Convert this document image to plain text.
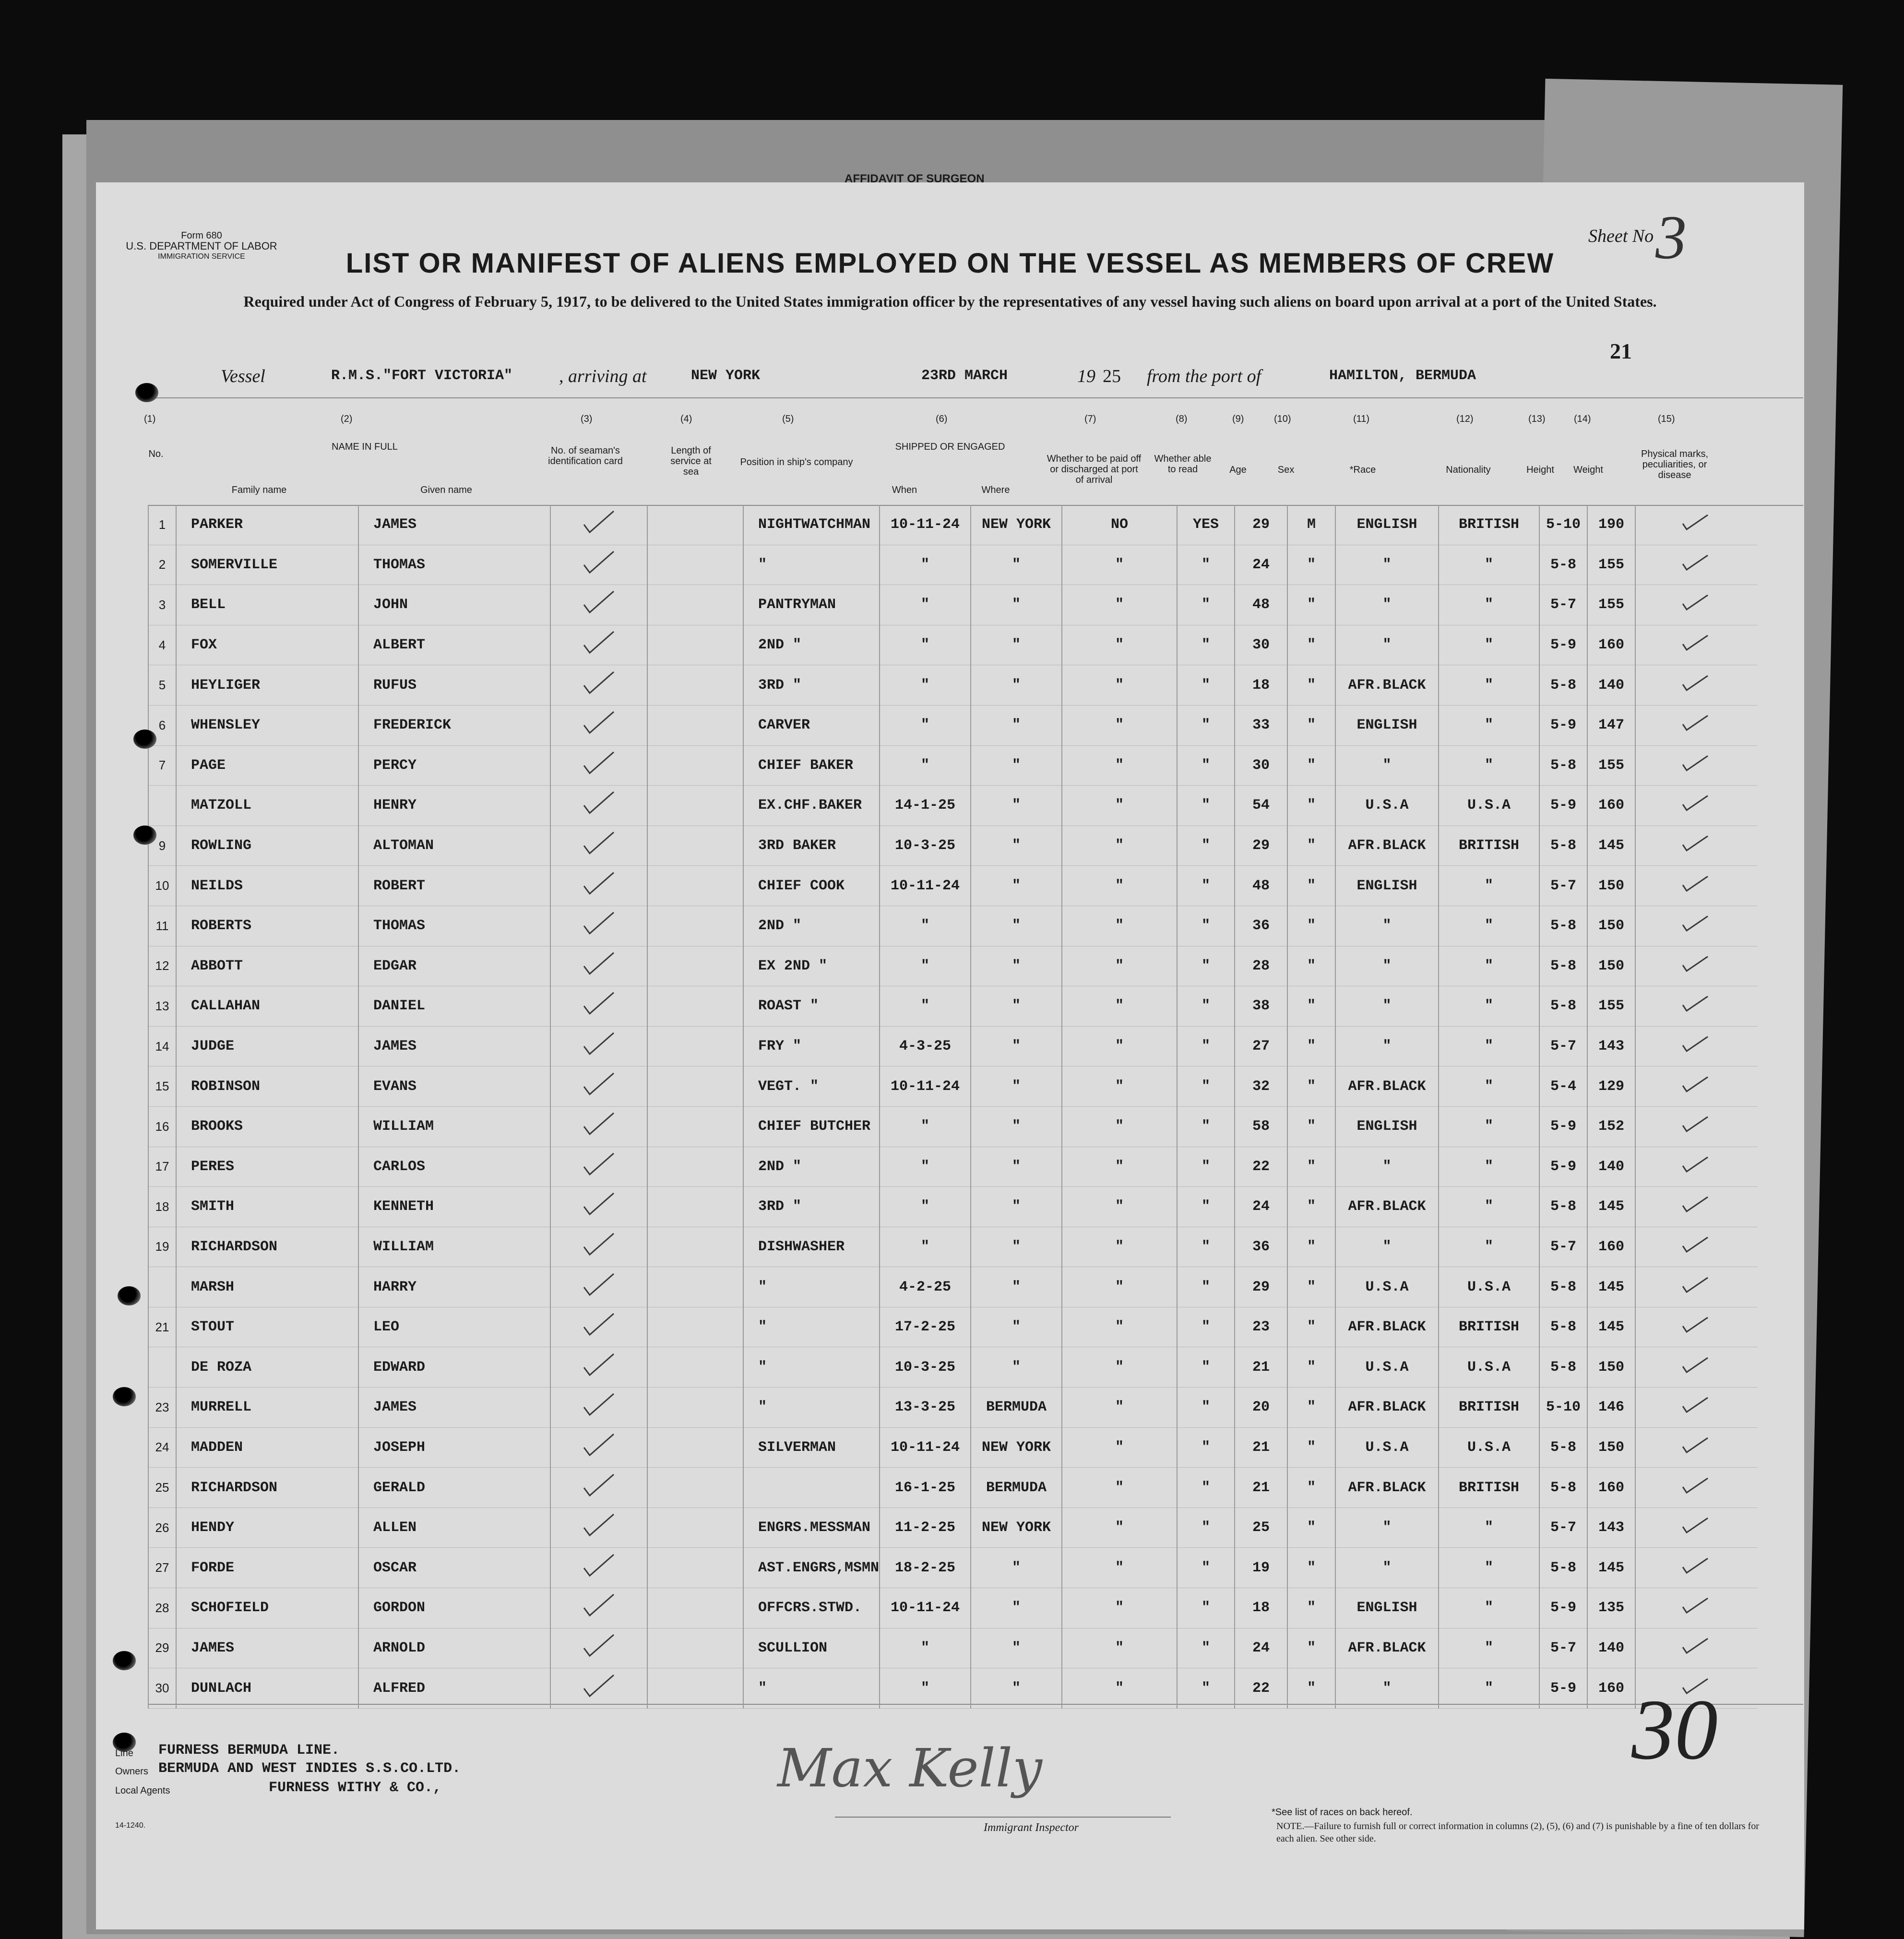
AFFIDAVIT OF SURGEON
Form 680
U.S. DEPARTMENT OF LABOR
IMMIGRATION SERVICE
Sheet No 3
LIST OR MANIFEST OF ALIENS EMPLOYED ON THE VESSEL AS MEMBERS OF CREW
Required under Act of Congress of February 5, 1917, to be delivered to the United States immigration officer by the representatives of any vessel having such aliens on board upon arrival at a port of the United States.
21
Vessel	R.M.S."FORT VICTORIA"	, arriving at	NEW YORK	23RD MARCH	19 25 from the port of	HAMILTON, BERMUDA
(1)
No.
(2)
NAME IN FULL
Family name	Given name
(3)
No. of seaman's identification card
(4)
Length of service at sea
(5)
Position in ship's company
(6)
SHIPPED OR ENGAGED
When	Where
(7)
Whether to be paid off or discharged at port of arrival
(8)
Whether able to read
(9)
Age
(10)
Sex
(11)
*Race
(12)
Nationality
(13)
Height
(14)
Weight
(15)
Physical marks, peculiarities, or disease
1	PARKER	JAMES			NIGHTWATCHMAN	10-11-24	NEW YORK	NO	YES	29	M	ENGLISH	BRITISH	5-10	190	
2	SOMERVILLE	THOMAS			"	"	"	"	"	24	"	"	"	5-8	155	
3	BELL	JOHN			PANTRYMAN	"	"	"	"	48	"	"	"	5-7	155	
4	FOX	ALBERT			2ND "	"	"	"	"	30	"	"	"	5-9	160	
5	HEYLIGER	RUFUS			3RD "	"	"	"	"	18	"	AFR.BLACK	"	5-8	140	
6	WHENSLEY	FREDERICK			CARVER	"	"	"	"	33	"	ENGLISH	"	5-9	147	
7	PAGE	PERCY			CHIEF BAKER	"	"	"	"	30	"	"	"	5-8	155	
	MATZOLL	HENRY			EX.CHF.BAKER	14-1-25	"	"	"	54	"	U.S.A	U.S.A	5-9	160	
9	ROWLING	ALTOMAN			3RD BAKER	10-3-25	"	"	"	29	"	AFR.BLACK	BRITISH	5-8	145	
10	NEILDS	ROBERT			CHIEF COOK	10-11-24	"	"	"	48	"	ENGLISH	"	5-7	150	
11	ROBERTS	THOMAS			2ND "	"	"	"	"	36	"	"	"	5-8	150	
12	ABBOTT	EDGAR			EX 2ND "	"	"	"	"	28	"	"	"	5-8	150	
13	CALLAHAN	DANIEL			ROAST "	"	"	"	"	38	"	"	"	5-8	155	
14	JUDGE	JAMES			FRY "	4-3-25	"	"	"	27	"	"	"	5-7	143	
15	ROBINSON	EVANS			VEGT. "	10-11-24	"	"	"	32	"	AFR.BLACK	"	5-4	129	
16	BROOKS	WILLIAM			CHIEF BUTCHER	"	"	"	"	58	"	ENGLISH	"	5-9	152	
17	PERES	CARLOS			2ND "	"	"	"	"	22	"	"	"	5-9	140	
18	SMITH	KENNETH			3RD "	"	"	"	"	24	"	AFR.BLACK	"	5-8	145	
19	RICHARDSON	WILLIAM			DISHWASHER	"	"	"	"	36	"	"	"	5-7	160	
	MARSH	HARRY			"	4-2-25	"	"	"	29	"	U.S.A	U.S.A	5-8	145	
21	STOUT	LEO			"	17-2-25	"	"	"	23	"	AFR.BLACK	BRITISH	5-8	145	
	DE ROZA	EDWARD			"	10-3-25	"	"	"	21	"	U.S.A	U.S.A	5-8	150	
23	MURRELL	JAMES			"	13-3-25	BERMUDA	"	"	20	"	AFR.BLACK	BRITISH	5-10	146	
24	MADDEN	JOSEPH			SILVERMAN	10-11-24	NEW YORK	"	"	21	"	U.S.A	U.S.A	5-8	150	
25	RICHARDSON	GERALD				16-1-25	BERMUDA	"	"	21	"	AFR.BLACK	BRITISH	5-8	160	
26	HENDY	ALLEN			ENGRS.MESSMAN	11-2-25	NEW YORK	"	"	25	"	"	"	5-7	143	
27	FORDE	OSCAR			AST.ENGRS,MSMN	18-2-25	"	"	"	19	"	"	"	5-8	145	
28	SCHOFIELD	GORDON			OFFCRS.STWD.	10-11-24	"	"	"	18	"	ENGLISH	"	5-9	135	
29	JAMES	ARNOLD			SCULLION	"	"	"	"	24	"	AFR.BLACK	"	5-7	140	
30	DUNLACH	ALFRED			"	"	"	"	"	22	"	"	"	5-9	160	30
Line FURNESS BERMUDA LINE.
Owners BERMUDA AND WEST INDIES S.S.CO.LTD.
Local Agents	FURNESS WITHY & CO.,
14-1240.
Max Kelly
Immigrant Inspector
*See list of races on back hereof.
NOTE.—Failure to furnish full or correct information in columns (2), (5), (6) and (7) is punishable by a fine of ten dollars for each alien. See other side.
